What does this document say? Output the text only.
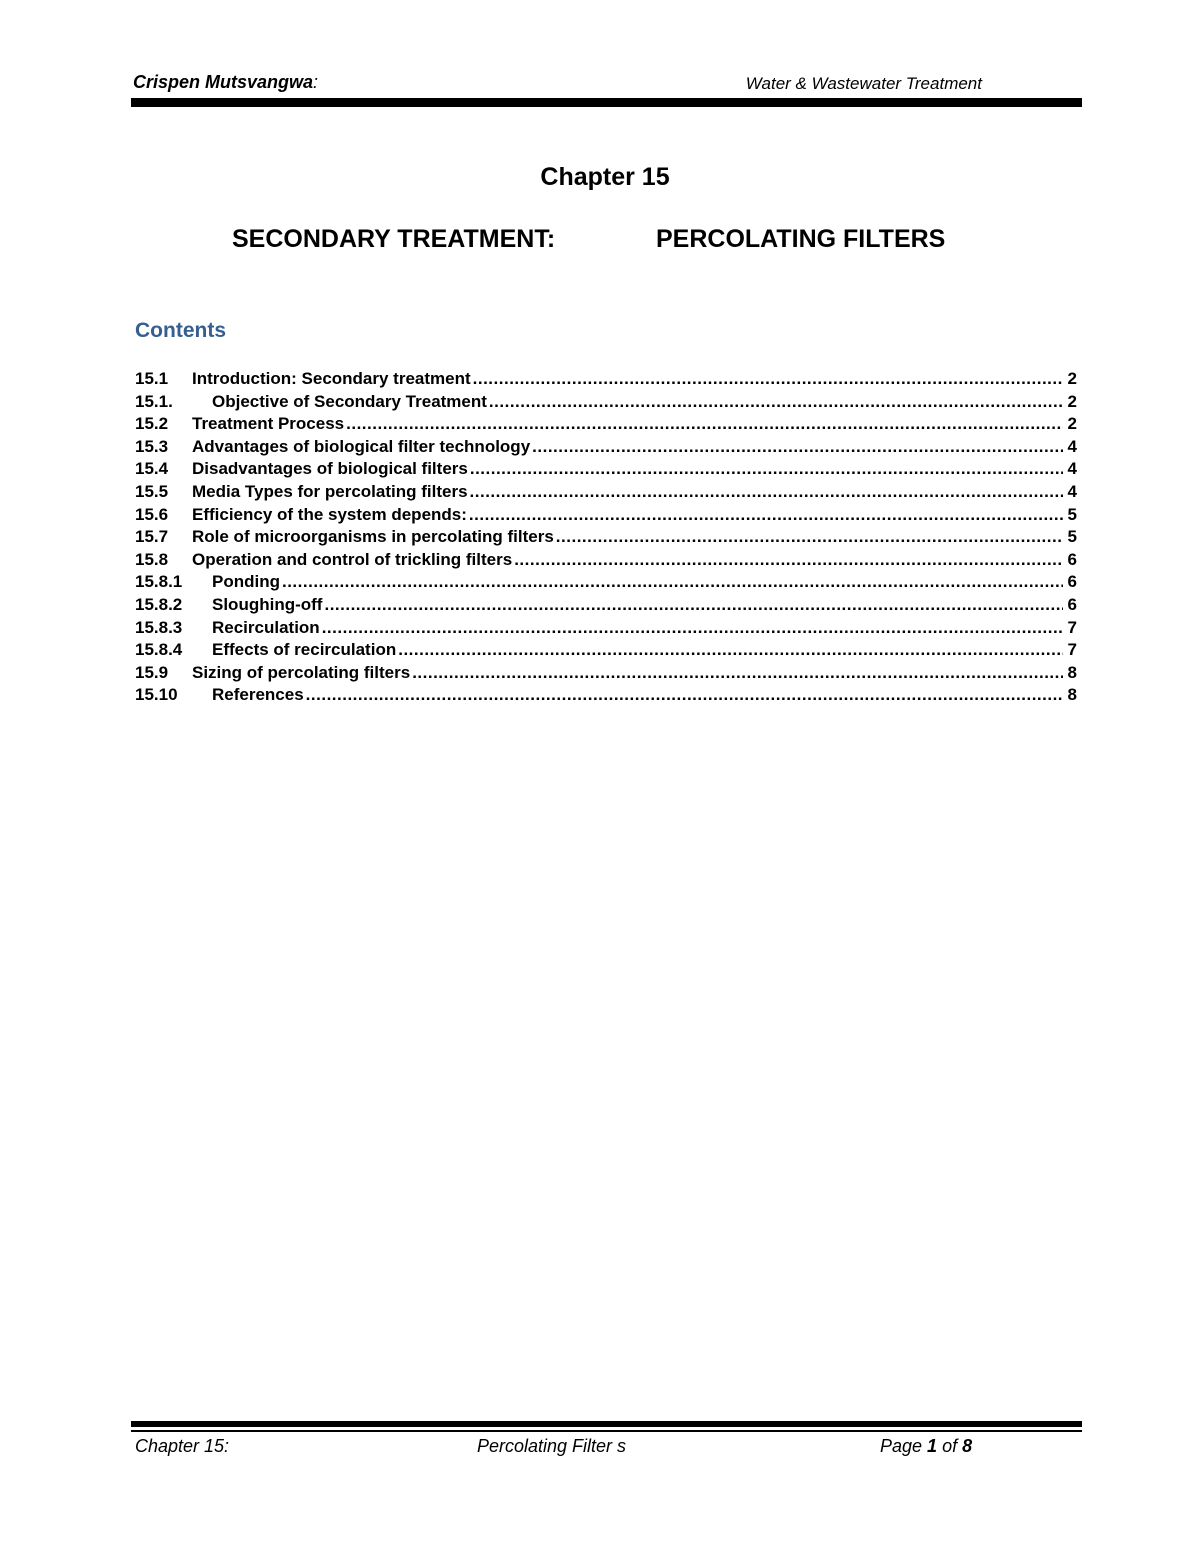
Crispen Mutsvangwa:	Water & Wastewater Treatment
Chapter 15
SECONDARY TREATMENT:	PERCOLATING FILTERS
Contents
15.1	Introduction: Secondary treatment .....	2
15.1.	Objective of Secondary Treatment .....	2
15.2	Treatment Process .....	2
15.3	Advantages of biological filter technology .....	4
15.4	Disadvantages of biological filters .....	4
15.5	Media Types for percolating filters .....	4
15.6	Efficiency of the system depends: .....	5
15.7	Role of microorganisms in percolating filters .....	5
15.8	Operation and control of trickling filters .....	6
15.8.1	Ponding .....	6
15.8.2	Sloughing-off .....	6
15.8.3	Recirculation .....	7
15.8.4	Effects of recirculation .....	7
15.9	Sizing of percolating filters .....	8
15.10	References .....	8
Chapter 15:	Percolating Filter s	Page 1 of 8
